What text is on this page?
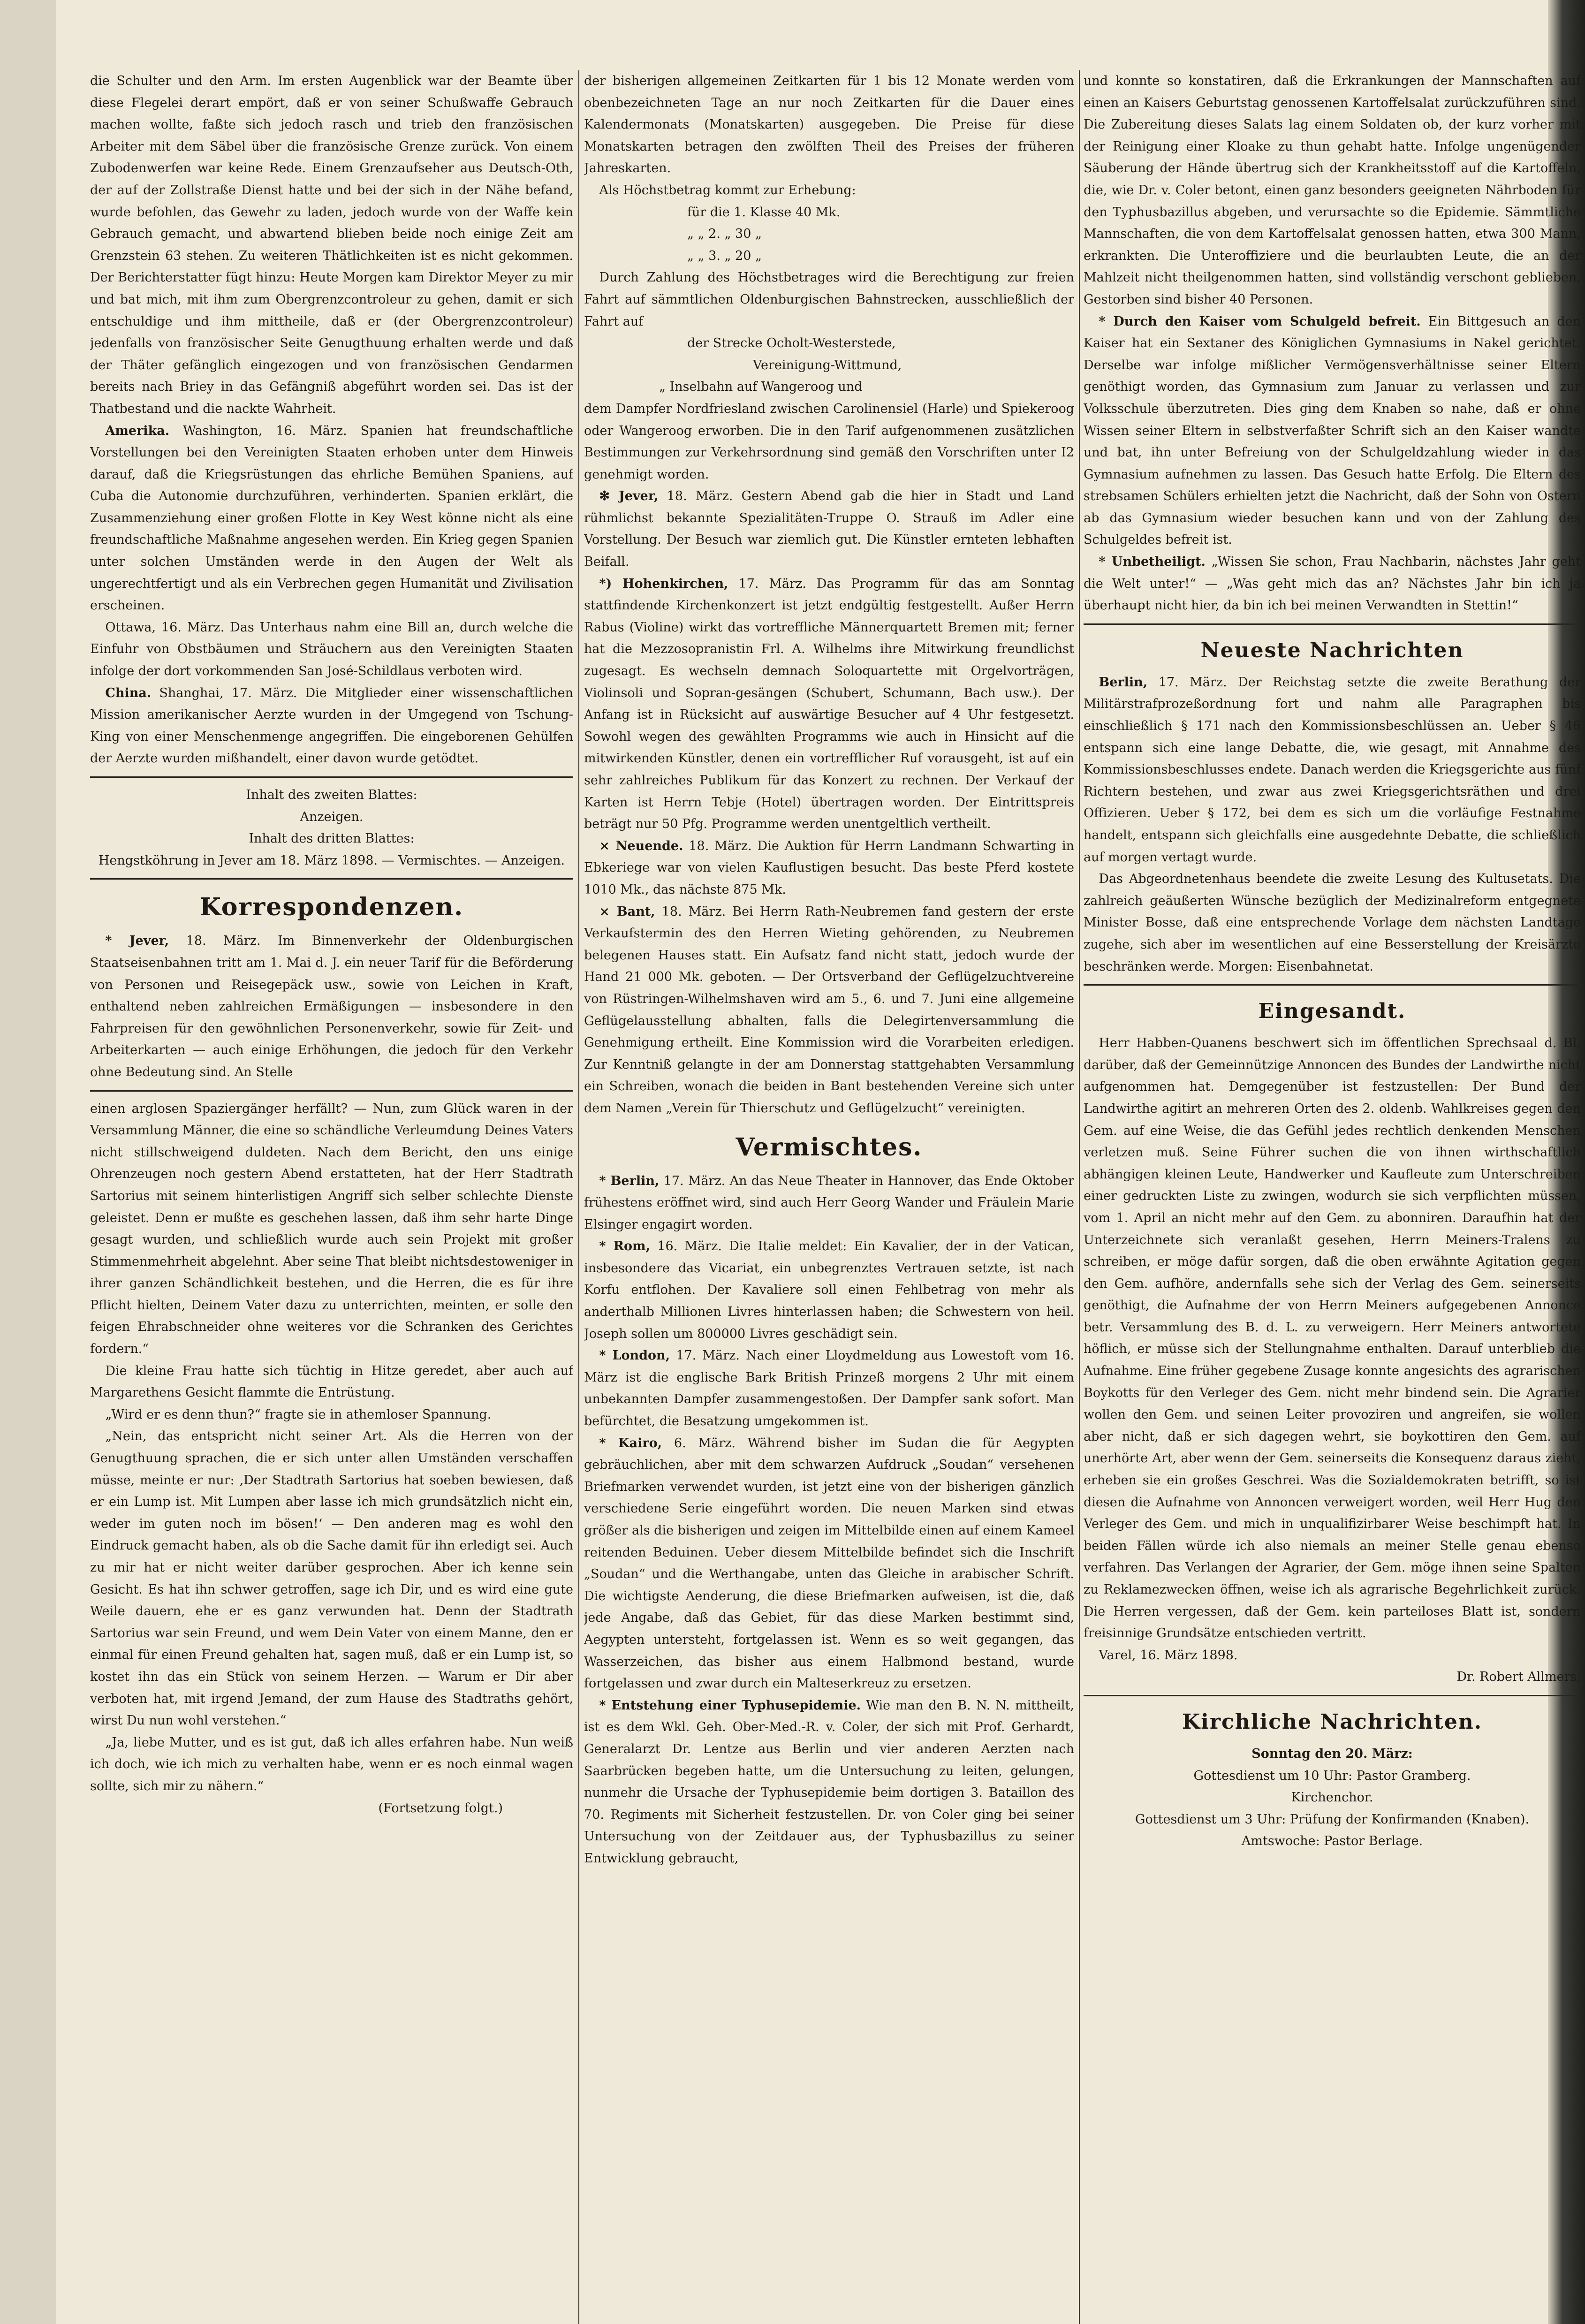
die Schulter und den Arm. Im ersten Augenblick war der Beamte über diese Flegelei derart empört, daß er von seiner Schußwaffe Gebrauch machen wollte, faßte sich jedoch rasch und trieb den französischen Arbeiter mit dem Säbel über die französische Grenze zurück. Von einem Zubodenwerfen war keine Rede. Einem Grenzaufseher aus Deutsch-Oth, der auf der Zollstraße Dienst hatte und bei der sich in der Nähe befand, wurde befohlen, das Gewehr zu laden, jedoch wurde von der Waffe kein Gebrauch gemacht, und abwartend blieben beide noch einige Zeit am Grenzstein 63 stehen. Zu weiteren Thätlichkeiten ist es nicht gekommen. Der Berichterstatter fügt hinzu: Heute Morgen kam Direktor Meyer zu mir und bat mich, mit ihm zum Obergrenzcontroleur zu gehen, damit er sich entschuldige und ihm mittheile, daß er (der Obergrenzcontroleur) jedenfalls von französischer Seite Genugthuung erhalten werde und daß der Thäter gefänglich eingezogen und von französischen Gendarmen bereits nach Briey in das Gefängniß abgeführt worden sei. Das ist der Thatbestand und die nackte Wahrheit.

Amerika. Washington, 16. März. Spanien hat freundschaftliche Vorstellungen bei den Vereinigten Staaten erhoben unter dem Hinweis darauf, daß die Kriegsrüstungen das ehrliche Bemühen Spaniens, auf Cuba die Autonomie durchzuführen, verhinderten. Spanien erklärt, die Zusammenziehung einer großen Flotte in Key West könne nicht als eine freundschaftliche Maßnahme angesehen werden. Ein Krieg gegen Spanien unter solchen Umständen werde in den Augen der Welt als ungerechtfertigt und als ein Verbrechen gegen Humanität und Zivilisation erscheinen.

Ottawa, 16. März. Das Unterhaus nahm eine Bill an, durch welche die Einfuhr von Obstbäumen und Sträuchern aus den Vereinigten Staaten infolge der dort vorkommenden San José-Schildlaus verboten wird.

China. Shanghai, 17. März. Die Mitglieder einer wissenschaftlichen Mission amerikanischer Aerzte wurden in der Umgegend von Tschung-King von einer Menschenmenge angegriffen. Die eingeborenen Gehülfen der Aerzte wurden mißhandelt, einer davon wurde getödtet.

Inhalt des zweiten Blattes:

Anzeigen.

Inhalt des dritten Blattes:

Hengstköhrung in Jever am 18. März 1898. — Vermischtes. — Anzeigen.

Korrespondenzen.

* Jever, 18. März. Im Binnenverkehr der Oldenburgischen Staatseisenbahnen tritt am 1. Mai d. J. ein neuer Tarif für die Beförderung von Personen und Reisegepäck usw., sowie von Leichen in Kraft, enthaltend neben zahlreichen Ermäßigungen — insbesondere in den Fahrpreisen für den gewöhnlichen Personenverkehr, sowie für Zeit- und Arbeiterkarten — auch einige Erhöhungen, die jedoch für den Verkehr ohne Bedeutung sind. An Stelle

einen arglosen Spaziergänger herfällt? — Nun, zum Glück waren in der Versammlung Männer, die eine so schändliche Verleumdung Deines Vaters nicht stillschweigend duldeten. Nach dem Bericht, den uns einige Ohrenzeugen noch gestern Abend erstatteten, hat der Herr Stadtrath Sartorius mit seinem hinterlistigen Angriff sich selber schlechte Dienste geleistet. Denn er mußte es geschehen lassen, daß ihm sehr harte Dinge gesagt wurden, und schließlich wurde auch sein Projekt mit großer Stimmenmehrheit abgelehnt. Aber seine That bleibt nichtsdestoweniger in ihrer ganzen Schändlichkeit bestehen, und die Herren, die es für ihre Pflicht hielten, Deinem Vater dazu zu unterrichten, meinten, er solle den feigen Ehrabschneider ohne weiteres vor die Schranken des Gerichtes fordern.“

Die kleine Frau hatte sich tüchtig in Hitze geredet, aber auch auf Margarethens Gesicht flammte die Entrüstung.

„Wird er es denn thun?“ fragte sie in athemloser Spannung.

„Nein, das entspricht nicht seiner Art. Als die Herren von der Genugthuung sprachen, die er sich unter allen Umständen verschaffen müsse, meinte er nur: ‚Der Stadtrath Sartorius hat soeben bewiesen, daß er ein Lump ist. Mit Lumpen aber lasse ich mich grundsätzlich nicht ein, weder im guten noch im bösen!‘ — Den anderen mag es wohl den Eindruck gemacht haben, als ob die Sache damit für ihn erledigt sei. Auch zu mir hat er nicht weiter darüber gesprochen. Aber ich kenne sein Gesicht. Es hat ihn schwer getroffen, sage ich Dir, und es wird eine gute Weile dauern, ehe er es ganz verwunden hat. Denn der Stadtrath Sartorius war sein Freund, und wem Dein Vater von einem Manne, den er einmal für einen Freund gehalten hat, sagen muß, daß er ein Lump ist, so kostet ihn das ein Stück von seinem Herzen. — Warum er Dir aber verboten hat, mit irgend Jemand, der zum Hause des Stadtraths gehört, wirst Du nun wohl verstehen.“

„Ja, liebe Mutter, und es ist gut, daß ich alles erfahren habe. Nun weiß ich doch, wie ich mich zu verhalten habe, wenn er es noch einmal wagen sollte, sich mir zu nähern.“

(Fortsetzung folgt.)

der bisherigen allgemeinen Zeitkarten für 1 bis 12 Monate werden vom obenbezeichneten Tage an nur noch Zeitkarten für die Dauer eines Kalendermonats (Monatskarten) ausgegeben. Die Preise für diese Monatskarten betragen den zwölften Theil des Preises der früheren Jahreskarten.

Als Höchstbetrag kommt zur Erhebung:

für die 1. Klasse 40 Mk.

„ „ 2. „ 30 „

„ „ 3. „ 20 „

Durch Zahlung des Höchstbetrages wird die Berechtigung zur freien Fahrt auf sämmtlichen Oldenburgischen Bahnstrecken, ausschließlich der Fahrt auf

der Strecke Ocholt-Westerstede,

Vereinigung-Wittmund,

„ Inselbahn auf Wangeroog und

dem Dampfer Nordfriesland zwischen Carolinensiel (Harle) und Spiekeroog oder Wangeroog erworben. Die in den Tarif aufgenommenen zusätzlichen Bestimmungen zur Verkehrsordnung sind gemäß den Vorschriften unter I2 genehmigt worden.

✻ Jever, 18. März. Gestern Abend gab die hier in Stadt und Land rühmlichst bekannte Spezialitäten-Truppe O. Strauß im Adler eine Vorstellung. Der Besuch war ziemlich gut. Die Künstler ernteten lebhaften Beifall.

*) Hohenkirchen, 17. März. Das Programm für das am Sonntag stattfindende Kirchenkonzert ist jetzt endgültig festgestellt. Außer Herrn Rabus (Violine) wirkt das vortreffliche Männerquartett Bremen mit; ferner hat die Mezzosopranistin Frl. A. Wilhelms ihre Mitwirkung freundlichst zugesagt. Es wechseln demnach Soloquartette mit Orgelvorträgen, Violinsoli und Sopran-gesängen (Schubert, Schumann, Bach usw.). Der Anfang ist in Rücksicht auf auswärtige Besucher auf 4 Uhr festgesetzt. Sowohl wegen des gewählten Programms wie auch in Hinsicht auf die mitwirkenden Künstler, denen ein vortrefflicher Ruf vorausgeht, ist auf ein sehr zahlreiches Publikum für das Konzert zu rechnen. Der Verkauf der Karten ist Herrn Tebje (Hotel) übertragen worden. Der Eintrittspreis beträgt nur 50 Pfg. Programme werden unentgeltlich vertheilt.

⨯ Neuende. 18. März. Die Auktion für Herrn Landmann Schwarting in Ebkeriege war von vielen Kauflustigen besucht. Das beste Pferd kostete 1010 Mk., das nächste 875 Mk.

⨯ Bant, 18. März. Bei Herrn Rath-Neubremen fand gestern der erste Verkaufstermin des den Herren Wieting gehörenden, zu Neubremen belegenen Hauses statt. Ein Aufsatz fand nicht statt, jedoch wurde der Hand 21 000 Mk. geboten. — Der Ortsverband der Geflügelzuchtvereine von Rüstringen-Wilhelmshaven wird am 5., 6. und 7. Juni eine allgemeine Geflügelausstellung abhalten, falls die Delegirtenversammlung die Genehmigung ertheilt. Eine Kommission wird die Vorarbeiten erledigen. Zur Kenntniß gelangte in der am Donnerstag stattgehabten Versammlung ein Schreiben, wonach die beiden in Bant bestehenden Vereine sich unter dem Namen „Verein für Thierschutz und Geflügelzucht“ vereinigten.

Vermischtes.

* Berlin, 17. März. An das Neue Theater in Hannover, das Ende Oktober frühestens eröffnet wird, sind auch Herr Georg Wander und Fräulein Marie Elsinger engagirt worden.

* Rom, 16. März. Die Italie meldet: Ein Kavalier, der in der Vatican, insbesondere das Vicariat, ein unbegrenztes Vertrauen setzte, ist nach Korfu entflohen. Der Kavaliere soll einen Fehlbetrag von mehr als anderthalb Millionen Livres hinterlassen haben; die Schwestern von heil. Joseph sollen um 800000 Livres geschädigt sein.

* London, 17. März. Nach einer Lloydmeldung aus Lowestoft vom 16. März ist die englische Bark British Prinzeß morgens 2 Uhr mit einem unbekannten Dampfer zusammengestoßen. Der Dampfer sank sofort. Man befürchtet, die Besatzung umgekommen ist.

* Kairo, 6. März. Während bisher im Sudan die für Aegypten gebräuchlichen, aber mit dem schwarzen Aufdruck „Soudan“ versehenen Briefmarken verwendet wurden, ist jetzt eine von der bisherigen gänzlich verschiedene Serie eingeführt worden. Die neuen Marken sind etwas größer als die bisherigen und zeigen im Mittelbilde einen auf einem Kameel reitenden Beduinen. Ueber diesem Mittelbilde befindet sich die Inschrift „Soudan“ und die Werthangabe, unten das Gleiche in arabischer Schrift. Die wichtigste Aenderung, die diese Briefmarken aufweisen, ist die, daß jede Angabe, daß das Gebiet, für das diese Marken bestimmt sind, Aegypten untersteht, fortgelassen ist. Wenn es so weit gegangen, das Wasserzeichen, das bisher aus einem Halbmond bestand, wurde fortgelassen und zwar durch ein Malteserkreuz zu ersetzen.

* Entstehung einer Typhusepidemie. Wie man den B. N. N. mittheilt, ist es dem Wkl. Geh. Ober-Med.-R. v. Coler, der sich mit Prof. Gerhardt, Generalarzt Dr. Lentze aus Berlin und vier anderen Aerzten nach Saarbrücken begeben hatte, um die Untersuchung zu leiten, gelungen, nunmehr die Ursache der Typhusepidemie beim dortigen 3. Bataillon des 70. Regiments mit Sicherheit festzustellen. Dr. von Coler ging bei seiner Untersuchung von der Zeitdauer aus, der Typhusbazillus zu seiner Entwicklung gebraucht,

und konnte so konstatiren, daß die Erkrankungen der Mannschaften auf einen an Kaisers Geburtstag genossenen Kartoffelsalat zurückzuführen sind. Die Zubereitung dieses Salats lag einem Soldaten ob, der kurz vorher mit der Reinigung einer Kloake zu thun gehabt hatte. Infolge ungenügender Säuberung der Hände übertrug sich der Krankheitsstoff auf die Kartoffeln, die, wie Dr. v. Coler betont, einen ganz besonders geeigneten Nährboden für den Typhusbazillus abgeben, und verursachte so die Epidemie. Sämmtliche Mannschaften, die von dem Kartoffelsalat genossen hatten, etwa 300 Mann, erkrankten. Die Unteroffiziere und die beurlaubten Leute, die an der Mahlzeit nicht theilgenommen hatten, sind vollständig verschont geblieben. Gestorben sind bisher 40 Personen.

* Durch den Kaiser vom Schulgeld befreit. Ein Bittgesuch an den Kaiser hat ein Sextaner des Königlichen Gymnasiums in Nakel gerichtet. Derselbe war infolge mißlicher Vermögensverhältnisse seiner Eltern genöthigt worden, das Gymnasium zum Januar zu verlassen und zur Volksschule überzutreten. Dies ging dem Knaben so nahe, daß er ohne Wissen seiner Eltern in selbstverfaßter Schrift sich an den Kaiser wandte und bat, ihn unter Befreiung von der Schulgeldzahlung wieder in das Gymnasium aufnehmen zu lassen. Das Gesuch hatte Erfolg. Die Eltern des strebsamen Schülers erhielten jetzt die Nachricht, daß der Sohn von Ostern ab das Gymnasium wieder besuchen kann und von der Zahlung des Schulgeldes befreit ist.

* Unbetheiligt. „Wissen Sie schon, Frau Nachbarin, nächstes Jahr geht die Welt unter!“ — „Was geht mich das an? Nächstes Jahr bin ich ja überhaupt nicht hier, da bin ich bei meinen Verwandten in Stettin!“

Neueste Nachrichten

Berlin, 17. März. Der Reichstag setzte die zweite Berathung der Militärstrafprozeßordnung fort und nahm alle Paragraphen bis einschließlich § 171 nach den Kommissionsbeschlüssen an. Ueber § 46 entspann sich eine lange Debatte, die, wie gesagt, mit Annahme des Kommissionsbeschlusses endete. Danach werden die Kriegsgerichte aus fünf Richtern bestehen, und zwar aus zwei Kriegsgerichtsräthen und drei Offizieren. Ueber § 172, bei dem es sich um die vorläufige Festnahme handelt, entspann sich gleichfalls eine ausgedehnte Debatte, die schließlich auf morgen vertagt wurde.

Das Abgeordnetenhaus beendete die zweite Lesung des Kultusetats. Die zahlreich geäußerten Wünsche bezüglich der Medizinalreform entgegnete Minister Bosse, daß eine entsprechende Vorlage dem nächsten Landtage zugehe, sich aber im wesentlichen auf eine Besserstellung der Kreisärzte beschränken werde. Morgen: Eisenbahnetat.

Eingesandt.

Herr Habben-Quanens beschwert sich im öffentlichen Sprechsaal d. Bl. darüber, daß der Gemeinnützige Annoncen des Bundes der Landwirthe nicht aufgenommen hat. Demgegenüber ist festzustellen: Der Bund der Landwirthe agitirt an mehreren Orten des 2. oldenb. Wahlkreises gegen den Gem. auf eine Weise, die das Gefühl jedes rechtlich denkenden Menschen verletzen muß. Seine Führer suchen die von ihnen wirthschaftlich abhängigen kleinen Leute, Handwerker und Kaufleute zum Unterschreiben einer gedruckten Liste zu zwingen, wodurch sie sich verpflichten müssen, vom 1. April an nicht mehr auf den Gem. zu abonniren. Daraufhin hat der Unterzeichnete sich veranlaßt gesehen, Herrn Meiners-Tralens zu schreiben, er möge dafür sorgen, daß die oben erwähnte Agitation gegen den Gem. aufhöre, andernfalls sehe sich der Verlag des Gem. seinerseits genöthigt, die Aufnahme der von Herrn Meiners aufgegebenen Annonce betr. Versammlung des B. d. L. zu verweigern. Herr Meiners antwortete höflich, er müsse sich der Stellungnahme enthalten. Darauf unterblieb die Aufnahme. Eine früher gegebene Zusage konnte angesichts des agrarischen Boykotts für den Verleger des Gem. nicht mehr bindend sein. Die Agrarier wollen den Gem. und seinen Leiter provoziren und angreifen, sie wollen aber nicht, daß er sich dagegen wehrt, sie boykottiren den Gem. auf unerhörte Art, aber wenn der Gem. seinerseits die Konsequenz daraus zieht, erheben sie ein großes Geschrei. Was die Sozialdemokraten betrifft, so ist diesen die Aufnahme von Annoncen verweigert worden, weil Herr Hug den Verleger des Gem. und mich in unqualifizirbarer Weise beschimpft hat. In beiden Fällen würde ich also niemals an meiner Stelle genau ebenso verfahren. Das Verlangen der Agrarier, der Gem. möge ihnen seine Spalten zu Reklamezwecken öffnen, weise ich als agrarische Begehrlichkeit zurück. Die Herren vergessen, daß der Gem. kein parteiloses Blatt ist, sondern freisinnige Grundsätze entschieden vertritt.

Varel, 16. März 1898.

Dr. Robert Allmers.

Kirchliche Nachrichten.

Sonntag den 20. März:

Gottesdienst um 10 Uhr: Pastor Gramberg.

Kirchenchor.

Gottesdienst um 3 Uhr: Prüfung der Konfirmanden (Knaben).

Amtswoche: Pastor Berlage.
